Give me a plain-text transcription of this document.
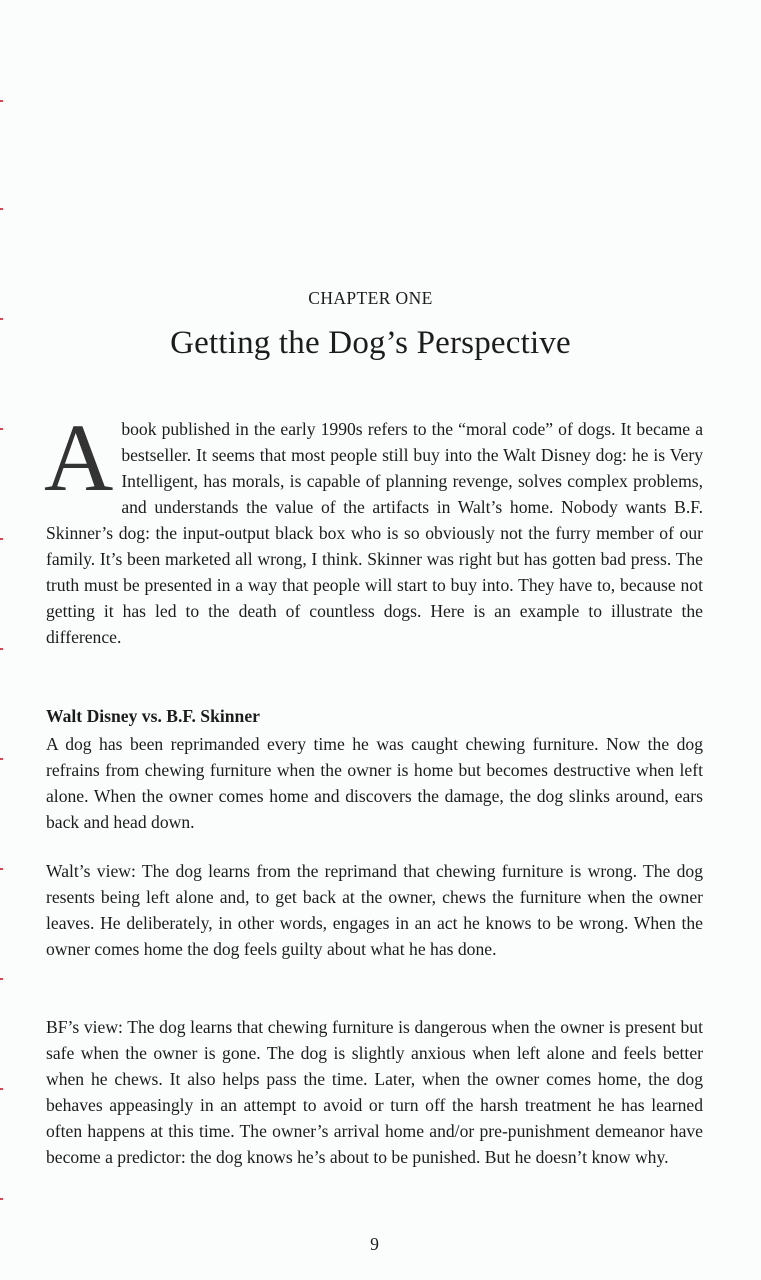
CHAPTER ONE
Getting the Dog’s Perspective

Abook published in the early 1990s refers to the “moral code” of dogs. It became a bestseller. It seems that most people still buy into the Walt Disney dog: he is Very Intelligent, has morals, is capable of planning revenge, solves complex problems, and understands the value of the artifacts in Walt’s home. Nobody wants B.F. Skinner’s dog: the input-output black box who is so obviously not the furry member of our family. It’s been marketed all wrong, I think. Skinner was right but has gotten bad press. The truth must be presented in a way that people will start to buy into. They have to, because not getting it has led to the death of countless dogs. Here is an example to illustrate the difference.

Walt Disney vs. B.F. Skinner

A dog has been reprimanded every time he was caught chewing furniture. Now the dog refrains from chewing furniture when the owner is home but becomes destructive when left alone. When the owner comes home and discovers the damage, the dog slinks around, ears back and head down.

Walt’s view: The dog learns from the reprimand that chewing furniture is wrong. The dog resents being left alone and, to get back at the owner, chews the furniture when the owner leaves. He deliberately, in other words, engages in an act he knows to be wrong. When the owner comes home the dog feels guilty about what he has done.

BF’s view: The dog learns that chewing furniture is dangerous when the owner is present but safe when the owner is gone. The dog is slightly anxious when left alone and feels better when he chews. It also helps pass the time. Later, when the owner comes home, the dog behaves appeasingly in an attempt to avoid or turn off the harsh treatment he has learned often happens at this time. The owner’s arrival home and/or pre-punishment demeanor have become a predictor: the dog knows he’s about to be punished. But he doesn’t know why.

9
